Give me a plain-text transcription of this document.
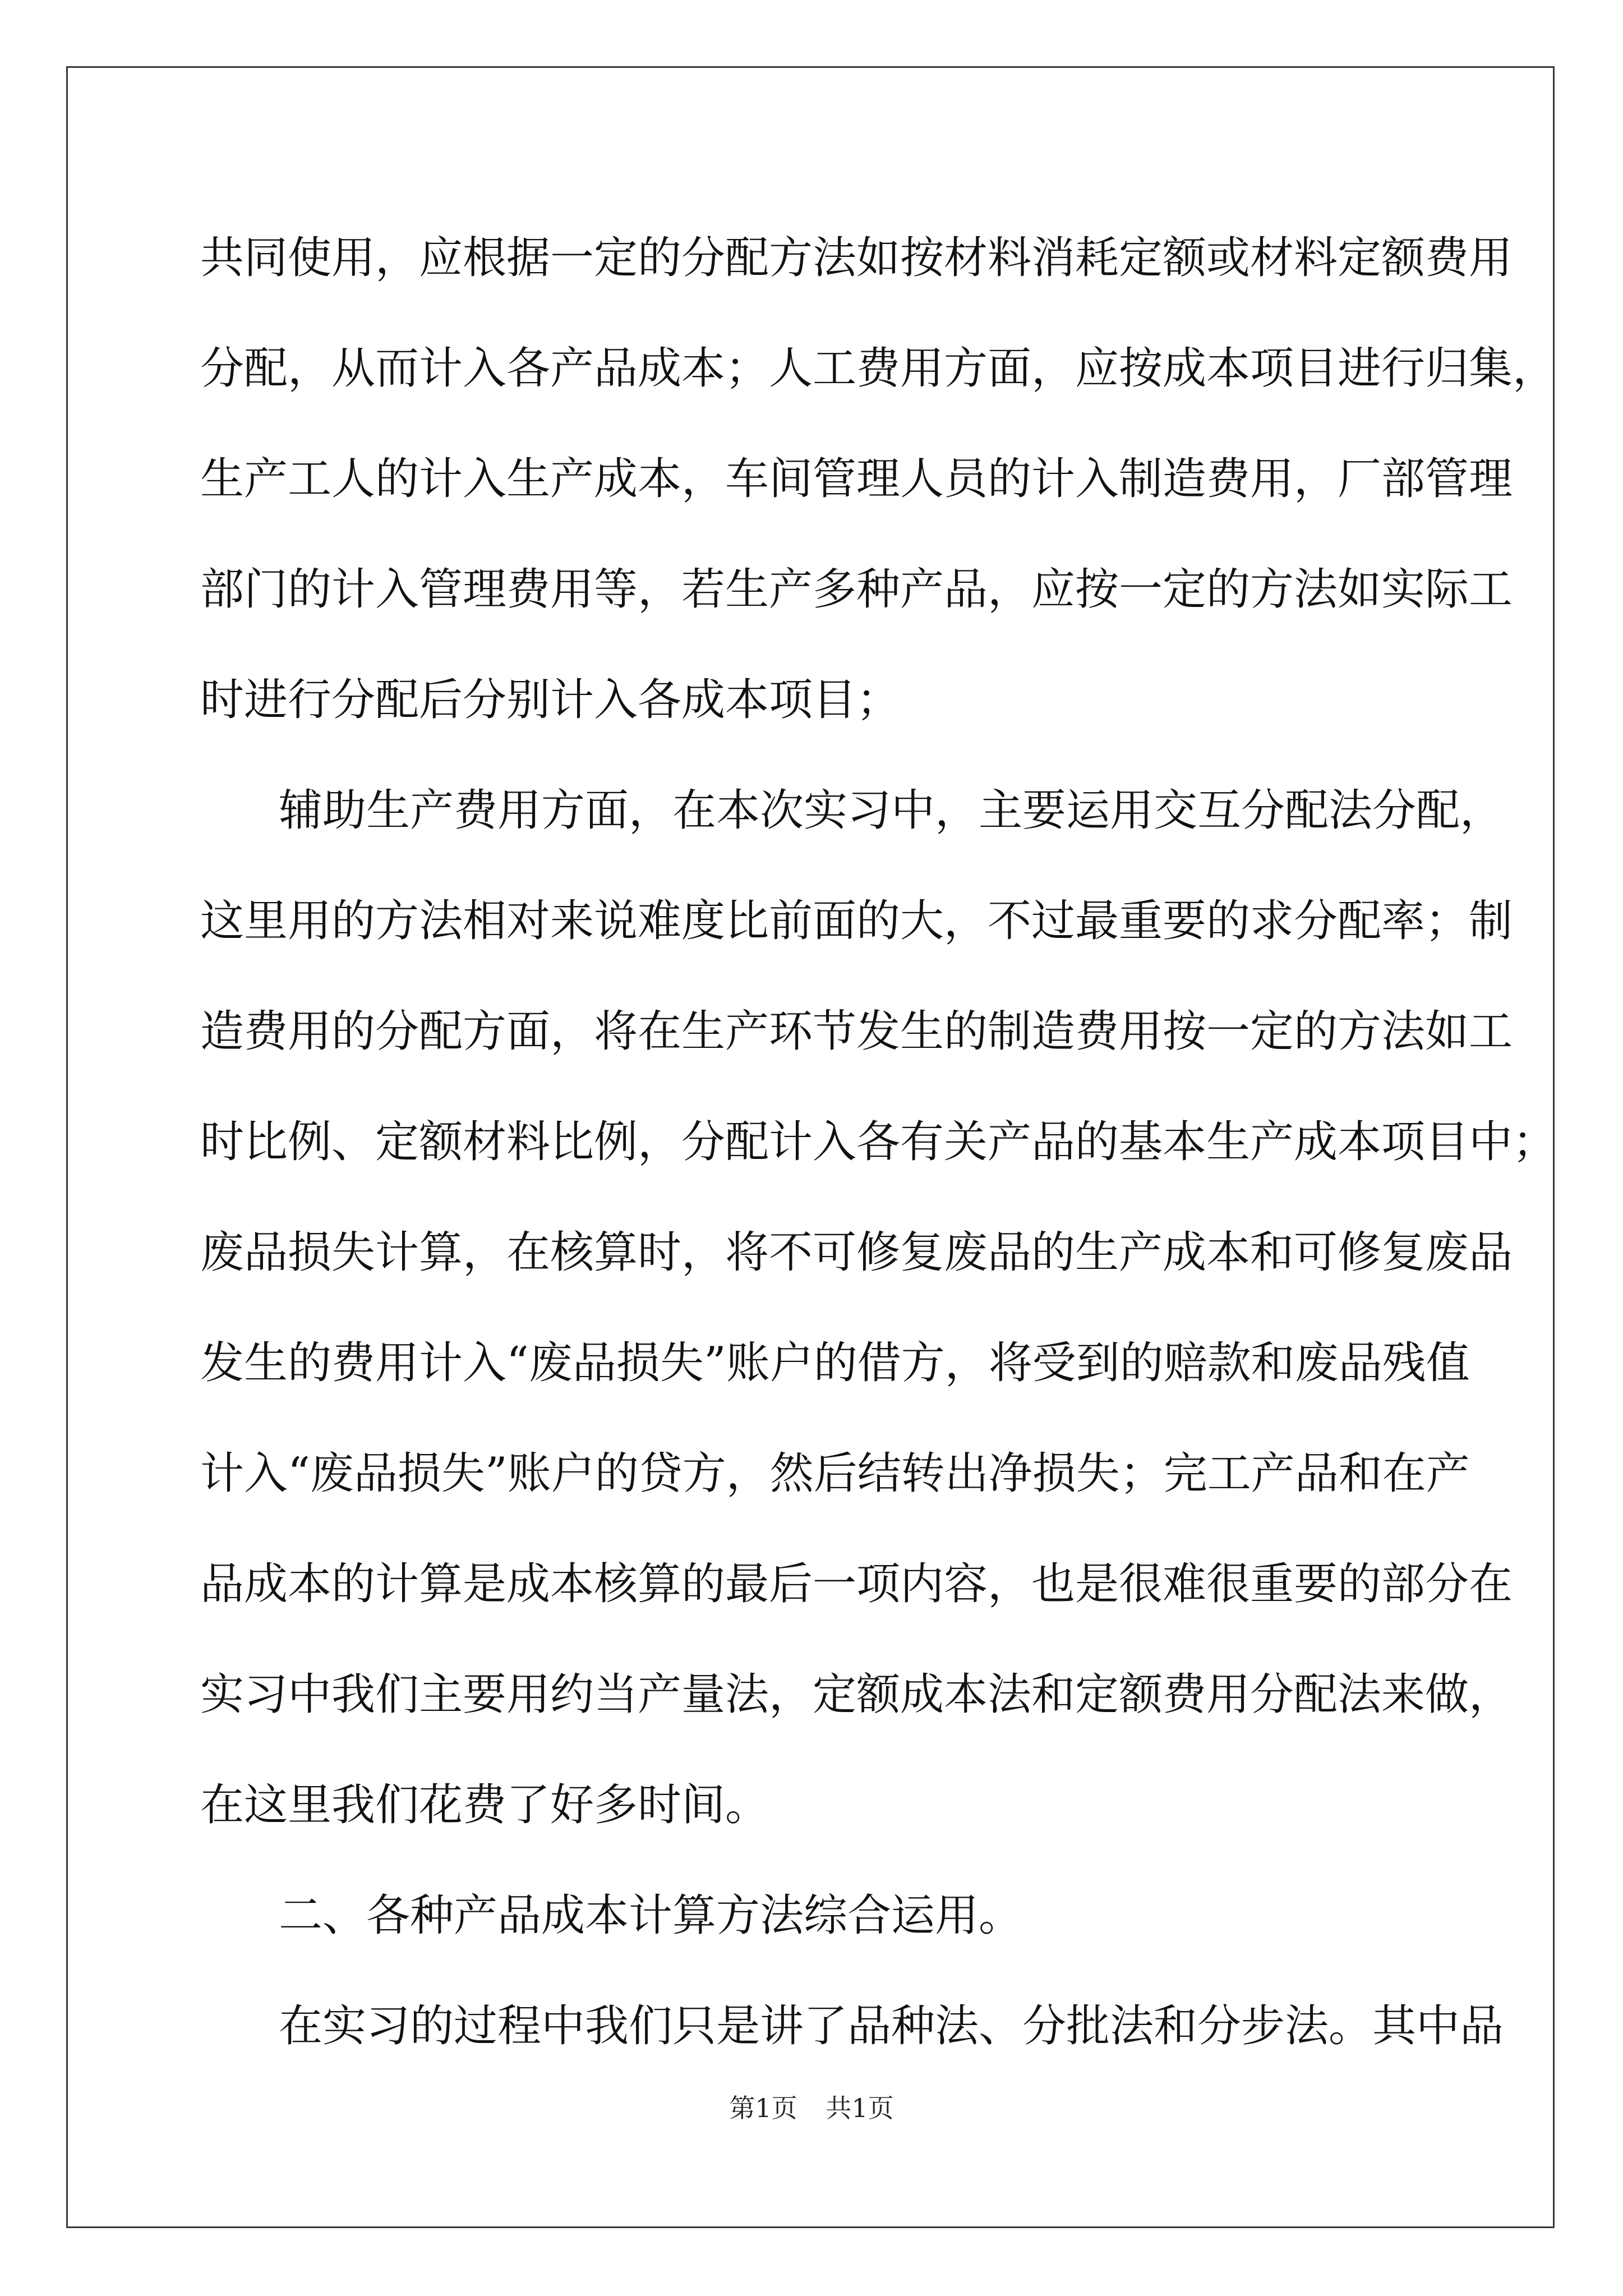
共同使用，应根据一定的分配方法如按材料消耗定额或材料定额费用
分配，从而计入各产品成本；人工费用方面，应按成本项目进行归集，
生产工人的计入生产成本，车间管理人员的计入制造费用，厂部管理
部门的计入管理费用等，若生产多种产品，应按一定的方法如实际工
时进行分配后分别计入各成本项目；
辅助生产费用方面，在本次实习中，主要运用交互分配法分配，
这里用的方法相对来说难度比前面的大，不过最重要的求分配率；制
造费用的分配方面，将在生产环节发生的制造费用按一定的方法如工
时比例、定额材料比例，分配计入各有关产品的基本生产成本项目中；
废品损失计算，在核算时，将不可修复废品的生产成本和可修复废品
发生的费用计入“废品损失”账户的借方，将受到的赔款和废品残值
计入“废品损失”账户的贷方，然后结转出净损失；完工产品和在产
品成本的计算是成本核算的最后一项内容，也是很难很重要的部分在
实习中我们主要用约当产量法，定额成本法和定额费用分配法来做，
在这里我们花费了好多时间。
二、各种产品成本计算方法综合运用。
在实习的过程中我们只是讲了品种法、分批法和分步法。其中品
第1页 共1页
